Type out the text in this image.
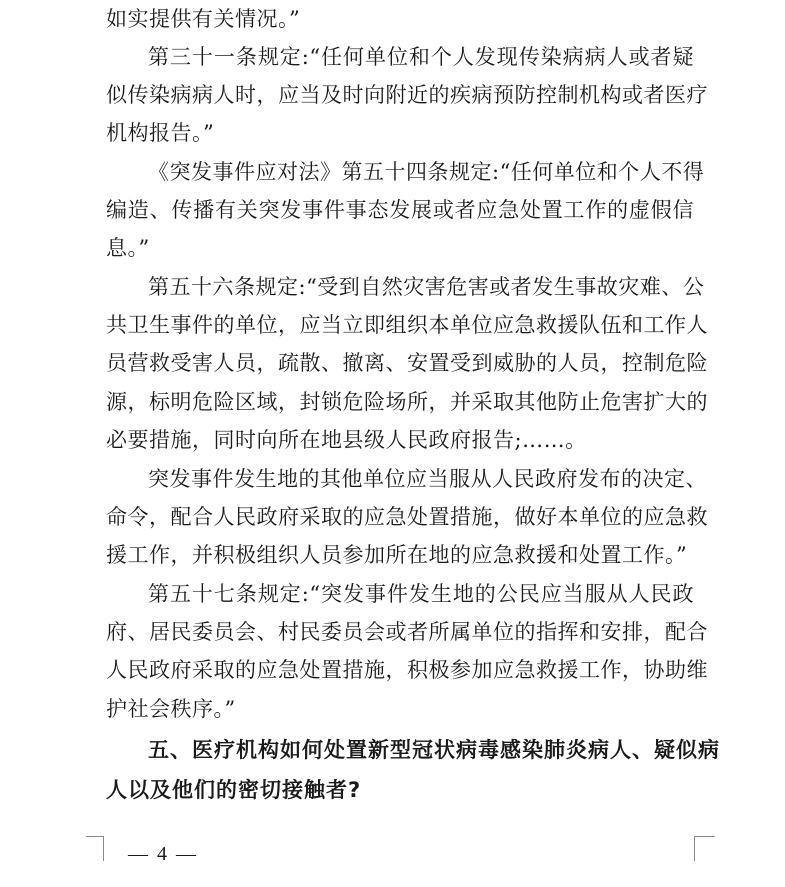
如实提供有关情况。”
第三十一条规定:“任何单位和个人发现传染病病人或者疑
似传染病病人时，应当及时向附近的疾病预防控制机构或者医疗
机构报告。”
《突发事件应对法》第五十四条规定:“任何单位和个人不得
编造、传播有关突发事件事态发展或者应急处置工作的虚假信
息。”
第五十六条规定:“受到自然灾害危害或者发生事故灾难、公
共卫生事件的单位，应当立即组织本单位应急救援队伍和工作人
员营救受害人员，疏散、撤离、安置受到威胁的人员，控制危险
源，标明危险区域，封锁危险场所，并采取其他防止危害扩大的
必要措施，同时向所在地县级人民政府报告;……。
突发事件发生地的其他单位应当服从人民政府发布的决定、
命令，配合人民政府采取的应急处置措施，做好本单位的应急救
援工作，并积极组织人员参加所在地的应急救援和处置工作。”
第五十七条规定:“突发事件发生地的公民应当服从人民政
府、居民委员会、村民委员会或者所属单位的指挥和安排，配合
人民政府采取的应急处置措施，积极参加应急救援工作，协助维
护社会秩序。”
五、医疗机构如何处置新型冠状病毒感染肺炎病人、疑似病
人以及他们的密切接触者?
— 4 —
